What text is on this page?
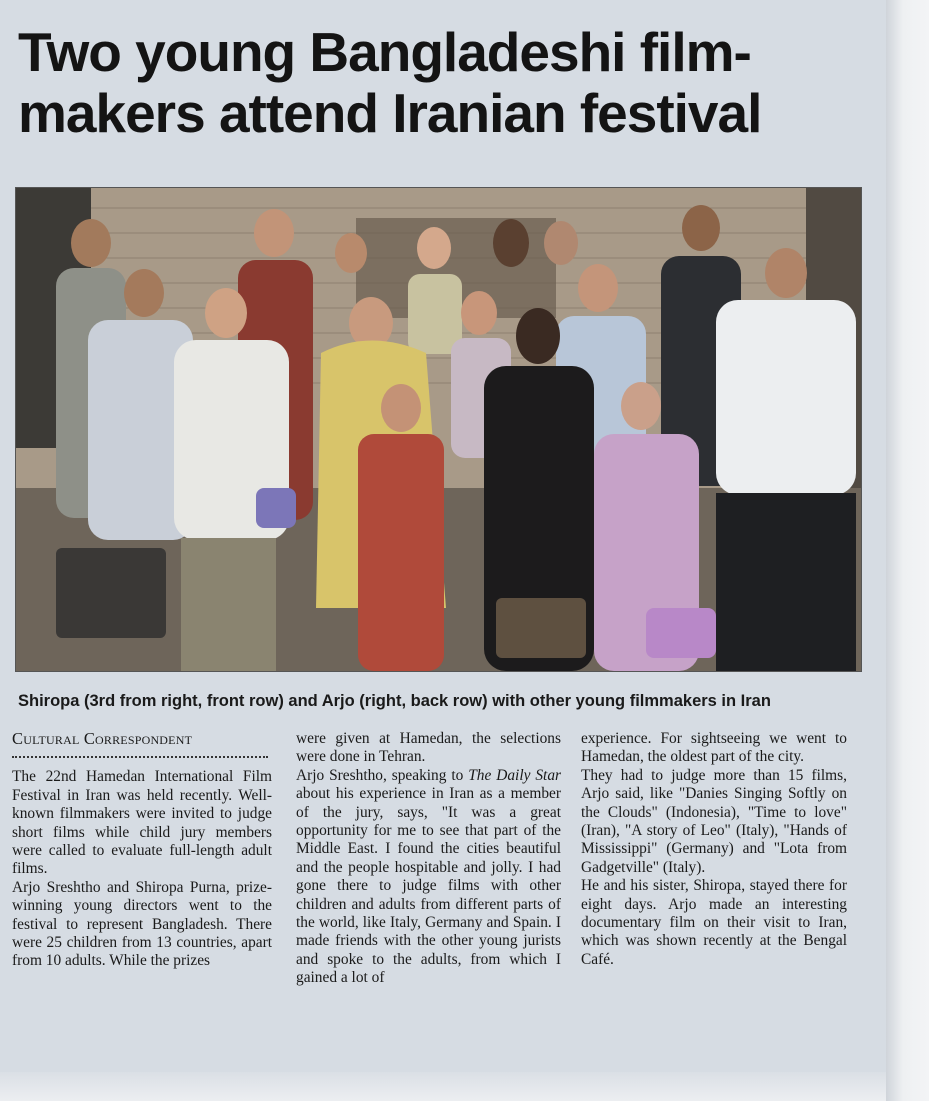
Two young Bangladeshi film-makers attend Iranian festival
Shiropa (3rd from right, front row) and Arjo (right, back row) with other young filmmakers in Iran

Cultural Correspondent

The 22nd Hamedan International Film Festival in Iran was held recently. Well-known filmmakers were invited to judge short films while child jury members were called to evaluate full-length adult films.

Arjo Sreshtho and Shiropa Purna, prize-winning young directors went to the festival to represent Bangladesh. There were 25 children from 13 countries, apart from 10 adults. While the prizes

were given at Hamedan, the selections were done in Tehran.

Arjo Sreshtho, speaking to The Daily Star about his experience in Iran as a member of the jury, says, "It was a great opportunity for me to see that part of the Middle East. I found the cities beautiful and the people hospitable and jolly. I had gone there to judge films with other children and adults from different parts of the world, like Italy, Germany and Spain. I made friends with the other young jurists and spoke to the adults, from which I gained a lot of

experience. For sightseeing we went to Hamedan, the oldest part of the city.

They had to judge more than 15 films, Arjo said, like "Danies Singing Softly on the Clouds" (Indonesia), "Time to love" (Iran), "A story of Leo" (Italy), "Hands of Mississippi" (Germany) and "Lota from Gadgetville" (Italy).

He and his sister, Shiropa, stayed there for eight days. Arjo made an interesting documentary film on their visit to Iran, which was shown recently at the Bengal Café.
